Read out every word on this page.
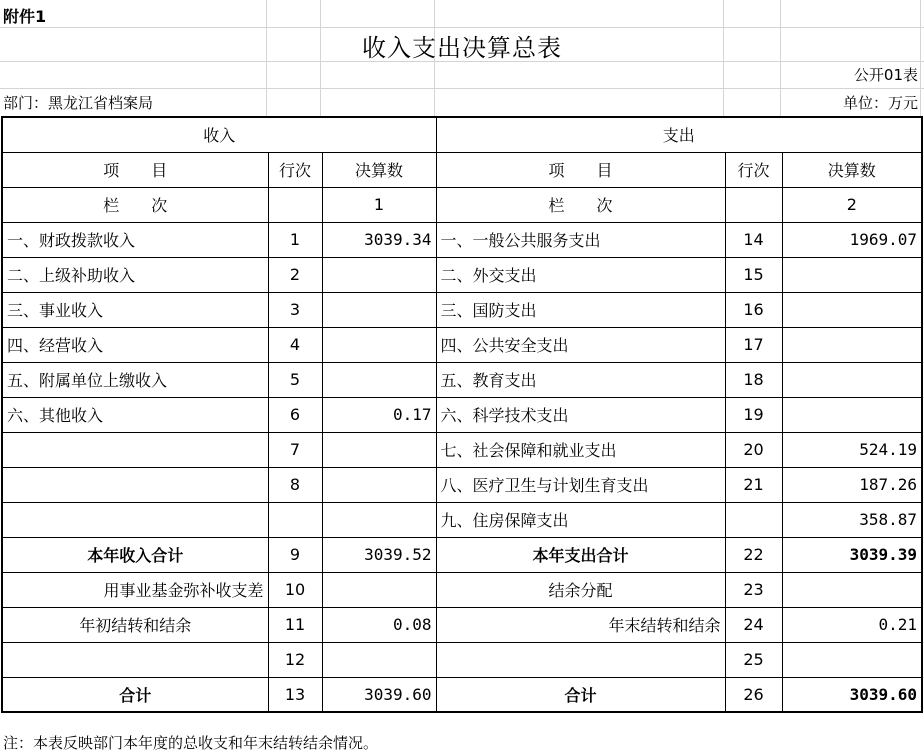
附件1
收入支出决算总表
公开01表
部门：黑龙江省档案局	单位：万元
收入			支出		
项　　目	行次	决算数	项　　目	行次	决算数
栏　　次		1	栏　　次		2
一、财政拨款收入	1	3039.34	一、一般公共服务支出	14	1969.07
二、上级补助收入	2		二、外交支出	15	
三、事业收入	3		三、国防支出	16	
四、经营收入	4		四、公共安全支出	17	
五、附属单位上缴收入	5		五、教育支出	18	
六、其他收入	6	0.17	六、科学技术支出	19	
	7		七、社会保障和就业支出	20	524.19
	8		八、医疗卫生与计划生育支出	21	187.26
			九、住房保障支出		358.87
本年收入合计	9	3039.52	本年支出合计	22	3039.39
用事业基金弥补收支差	10		结余分配	23	
年初结转和结余	11	0.08	年末结转和结余	24	0.21
	12			25	
合计	13	3039.60	合计	26	3039.60
注：本表反映部门本年度的总收支和年末结转结余情况。
